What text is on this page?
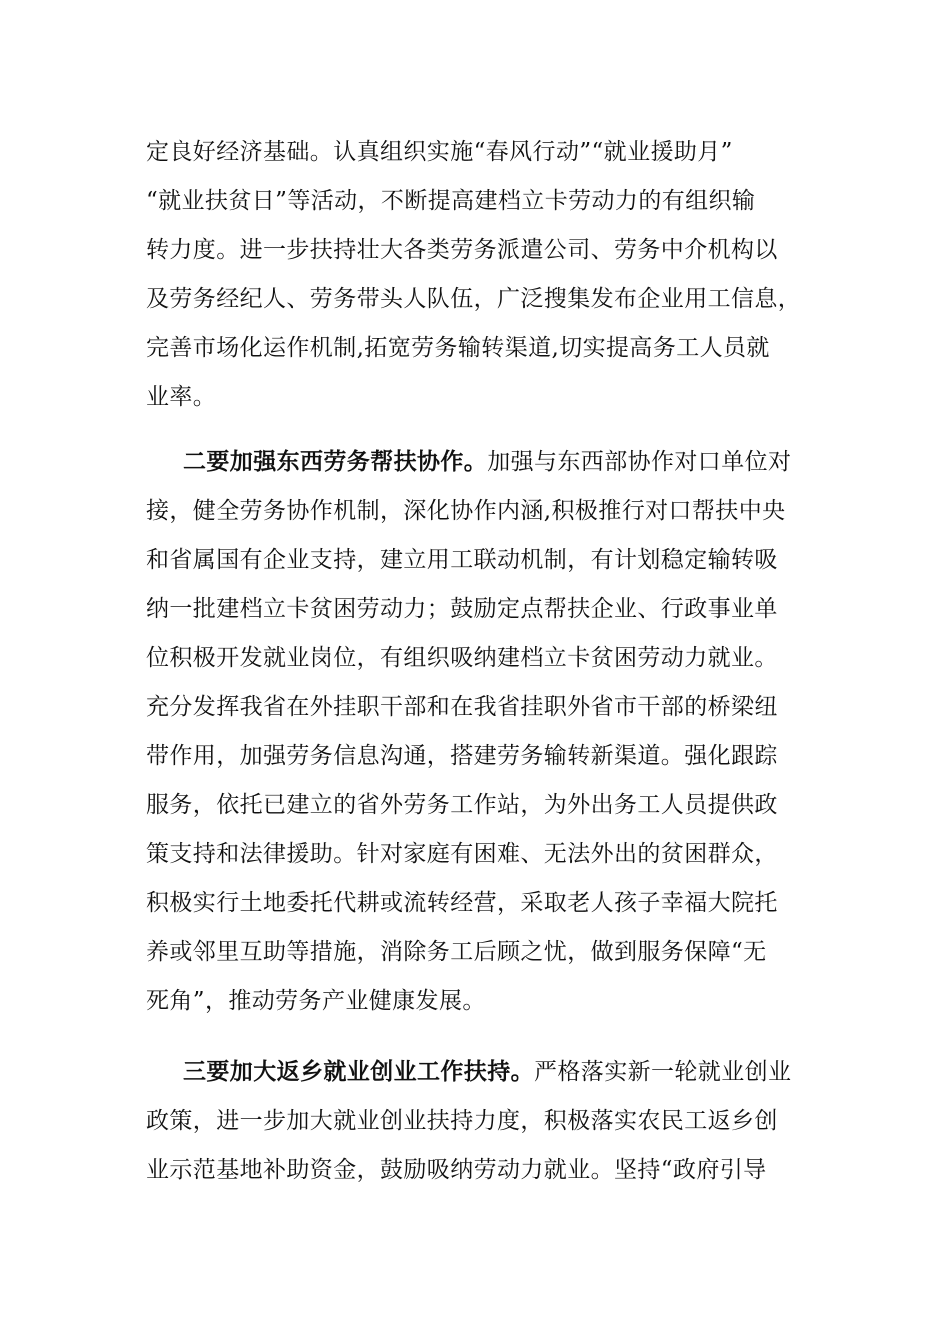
定良好经济基础。认真组织实施“春风行动”“就业援助月”
“就业扶贫日”等活动，不断提高建档立卡劳动力的有组织输
转力度。进一步扶持壮大各类劳务派遣公司、劳务中介机构以
及劳务经纪人、劳务带头人队伍，广泛搜集发布企业用工信息，
完善市场化运作机制,拓宽劳务输转渠道,切实提高务工人员就
业率。
二要加强东西劳务帮扶协作。加强与东西部协作对口单位对
接，健全劳务协作机制，深化协作内涵,积极推行对口帮扶中央
和省属国有企业支持，建立用工联动机制，有计划稳定输转吸
纳一批建档立卡贫困劳动力；鼓励定点帮扶企业、行政事业单
位积极开发就业岗位，有组织吸纳建档立卡贫困劳动力就业。
充分发挥我省在外挂职干部和在我省挂职外省市干部的桥梁纽
带作用，加强劳务信息沟通，搭建劳务输转新渠道。强化跟踪
服务，依托已建立的省外劳务工作站，为外出务工人员提供政
策支持和法律援助。针对家庭有困难、无法外出的贫困群众，
积极实行土地委托代耕或流转经营，采取老人孩子幸福大院托
养或邻里互助等措施，消除务工后顾之忧，做到服务保障“无
死角”，推动劳务产业健康发展。
三要加大返乡就业创业工作扶持。严格落实新一轮就业创业
政策，进一步加大就业创业扶持力度，积极落实农民工返乡创
业示范基地补助资金，鼓励吸纳劳动力就业。坚持“政府引导
